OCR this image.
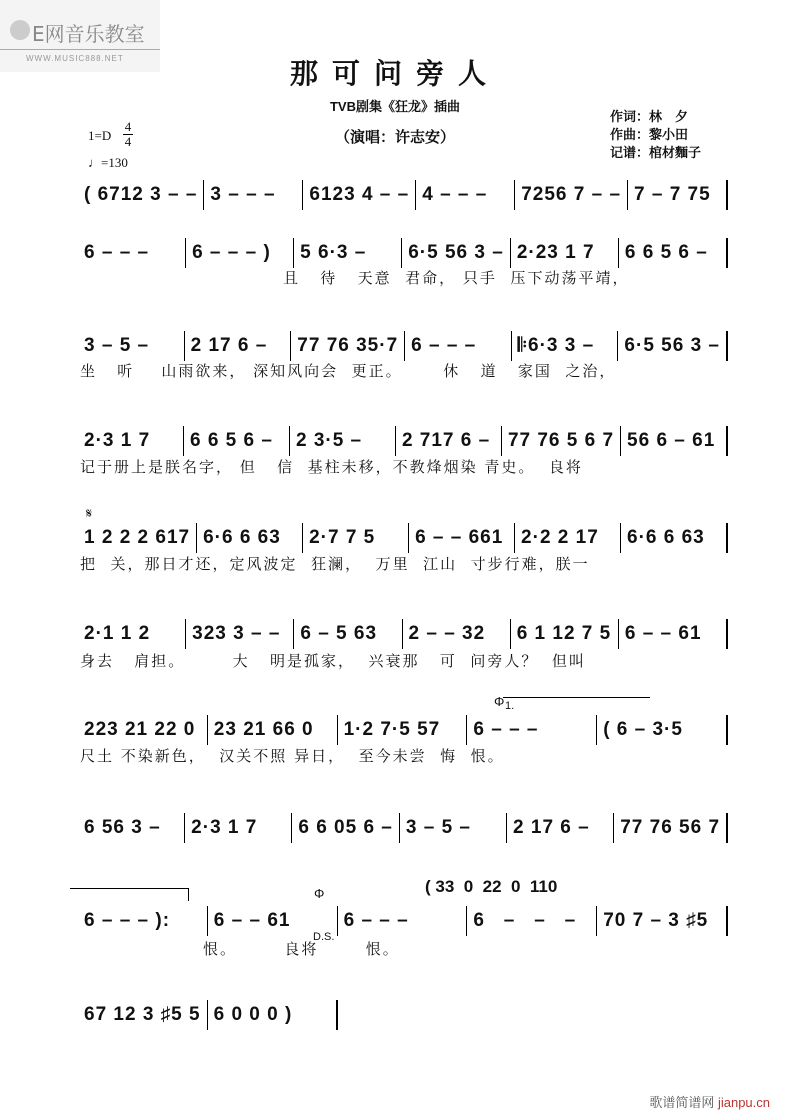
E网音乐教室
WWW.MUSIC888.NET	那可问旁人
TVB剧集《狂龙》插曲
（演唱：许志安）
作词：林　夕
作曲：黎小田
记谱：棺材麵子
1=D
4
4
♩=130
( 6712 3 – – 3 – – –	6123 4 – – 4 – – –	7256 7 – – 7 – 7 75
6 – – –	6 – – – )	5 6·3 –	6·5 56 3 – 2·23 1 7	6 6 5 6 –
且   待   天意  君命， 只手  压下动荡平靖，
3 – 5 –	2 17 6 –	77 76 35·7 6 – – –	𝄆6·3 3 –	6·5 56 3 –
坐   听    山雨欲来， 深知风向会  更正。      休   道   家国  之治，
2·3 1 7	6 6 5 6 –	2 3·5 –	2 717 6 – 77 76 5 6 7 56 6 – 61
记于册上是朕名字， 但   信  基柱未移，不教烽烟染 青史。  良将
1 2 2 2 617 6·6 6 63	2·7 7 5	6 – – 661 2·2 2 17	6·6 6 63
把  关，那日才还，定风波定  狂澜，  万里  江山  寸步行难，朕一
2·1 1 2	323 3 – –	6 – 5 63	2 – – 32	6 1 12 7 5 6 – – 61
身去   肩担。       大   明是孤家，  兴衰那   可  问旁人？  但叫
223 21 22 0 23 21 66 0	1·2 7·5 57	6 – – –	( 6 – 3·5
尺土 不染新色，  汉关不照 异日，  至今未尝  悔  恨。
6 56 3 –	2·3 1 7	6 6 05 6 – 3 – 5 –	2 17 6 –	77 76 56 7
6 – – – ):	6 – – 61	6 – – –	6   –   –   –	70 7 – 3 ♯5
恨。       良将       恨。
67 12 3 ♯5 5 6 0 0 0 )
𝄋
Φ 1.
Φ
D.S.
( 33  0  22  0  110
歌谱简谱网 jianpu.cn
